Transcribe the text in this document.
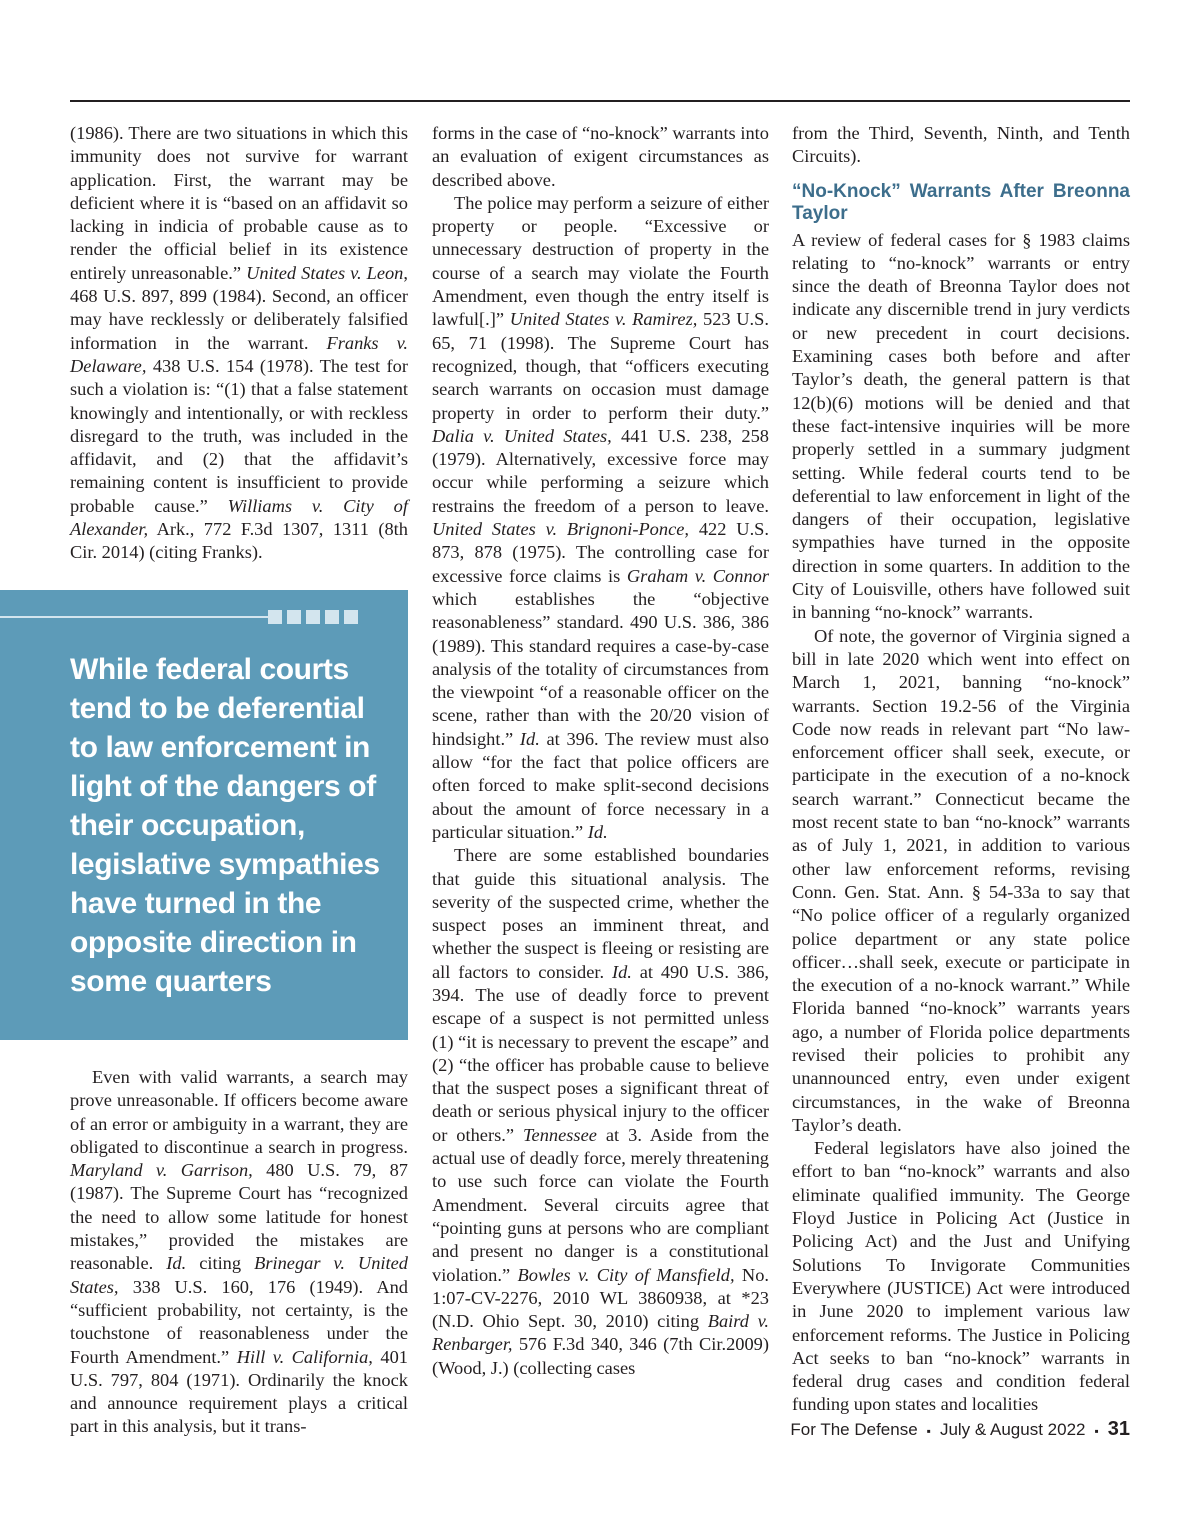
(1986). There are two situations in which this immunity does not survive for warrant application. First, the warrant may be deficient where it is “based on an affidavit so lacking in indicia of probable cause as to render the official belief in its existence entirely unreasonable.” United States v. Leon, 468 U.S. 897, 899 (1984). Second, an officer may have recklessly or deliberately falsified information in the warrant. Franks v. Delaware, 438 U.S. 154 (1978). The test for such a violation is: “(1) that a false statement knowingly and intentionally, or with reckless disregard to the truth, was included in the affidavit, and (2) that the affidavit’s remaining content is insufficient to provide probable cause.” Williams v. City of Alexander, Ark., 772 F.3d 1307, 1311 (8th Cir. 2014) (citing Franks).

While federal courts tend to be deferential to law enforcement in light of the dangers of their occupation, legislative sympathies have turned in the opposite direction in some quarters

Even with valid warrants, a search may prove unreasonable. If officers become aware of an error or ambiguity in a warrant, they are obligated to discontinue a search in progress. Maryland v. Garrison, 480 U.S. 79, 87 (1987). The Supreme Court has “recognized the need to allow some latitude for honest mistakes,” provided the mistakes are reasonable. Id. citing Brinegar v. United States, 338 U.S. 160, 176 (1949). And “sufficient probability, not certainty, is the touchstone of reasonableness under the Fourth Amendment.” Hill v. California, 401 U.S. 797, 804 (1971). Ordinarily the knock and announce requirement plays a critical part in this analysis, but it trans-

forms in the case of “no-knock” warrants into an evaluation of exigent circumstances as described above.

The police may perform a seizure of either property or people. “Excessive or unnecessary destruction of property in the course of a search may violate the Fourth Amendment, even though the entry itself is lawful[.]” United States v. Ramirez, 523 U.S. 65, 71 (1998). The Supreme Court has recognized, though, that “officers executing search warrants on occasion must damage property in order to perform their duty.” Dalia v. United States, 441 U.S. 238, 258 (1979). Alternatively, excessive force may occur while performing a seizure which restrains the freedom of a person to leave. United States v. Brignoni-Ponce, 422 U.S. 873, 878 (1975). The controlling case for excessive force claims is Graham v. Connor which establishes the “objective reasonableness” standard. 490 U.S. 386, 386 (1989). This standard requires a case-by-case analysis of the totality of circumstances from the viewpoint “of a reasonable officer on the scene, rather than with the 20/20 vision of hindsight.” Id. at 396. The review must also allow “for the fact that police officers are often forced to make split-second decisions about the amount of force necessary in a particular situation.” Id.

There are some established boundaries that guide this situational analysis. The severity of the suspected crime, whether the suspect poses an imminent threat, and whether the suspect is fleeing or resisting are all factors to consider. Id. at 490 U.S. 386, 394. The use of deadly force to prevent escape of a suspect is not permitted unless (1) “it is necessary to prevent the escape” and (2) “the officer has probable cause to believe that the suspect poses a significant threat of death or serious physical injury to the officer or others.” Tennessee at 3. Aside from the actual use of deadly force, merely threatening to use such force can violate the Fourth Amendment. Several circuits agree that “pointing guns at persons who are compliant and present no danger is a constitutional violation.” Bowles v. City of Mansfield, No. 1:07-CV-2276, 2010 WL 3860938, at *23 (N.D. Ohio Sept. 30, 2010) citing Baird v. Renbarger, 576 F.3d 340, 346 (7th Cir.2009) (Wood, J.) (collecting cases

from the Third, Seventh, Ninth, and Tenth Circuits).

“No-Knock” Warrants After Breonna Taylor

A review of federal cases for § 1983 claims relating to “no-knock” warrants or entry since the death of Breonna Taylor does not indicate any discernible trend in jury verdicts or new precedent in court decisions. Examining cases both before and after Taylor’s death, the general pattern is that 12(b)(6) motions will be denied and that these fact-intensive inquiries will be more properly settled in a summary judgment setting. While federal courts tend to be deferential to law enforcement in light of the dangers of their occupation, legislative sympathies have turned in the opposite direction in some quarters. In addition to the City of Louisville, others have followed suit in banning “no-knock” warrants.

Of note, the governor of Virginia signed a bill in late 2020 which went into effect on March 1, 2021, banning “no-knock” warrants. Section 19.2-56 of the Virginia Code now reads in relevant part “No law-enforcement officer shall seek, execute, or participate in the execution of a no-knock search warrant.” Connecticut became the most recent state to ban “no-knock” warrants as of July 1, 2021, in addition to various other law enforcement reforms, revising Conn. Gen. Stat. Ann. § 54-33a to say that “No police officer of a regularly organized police department or any state police officer…shall seek, execute or participate in the execution of a no-knock warrant.” While Florida banned “no-knock” warrants years ago, a number of Florida police departments revised their policies to prohibit any unannounced entry, even under exigent circumstances, in the wake of Breonna Taylor’s death.

Federal legislators have also joined the effort to ban “no-knock” warrants and also eliminate qualified immunity. The George Floyd Justice in Policing Act (Justice in Policing Act) and the Just and Unifying Solutions To Invigorate Communities Everywhere (JUSTICE) Act were introduced in June 2020 to implement various law enforcement reforms. The Justice in Policing Act seeks to ban “no-knock” warrants in federal drug cases and condition federal funding upon states and localities

For The Defense ▪ July & August 2022 ▪ 31
